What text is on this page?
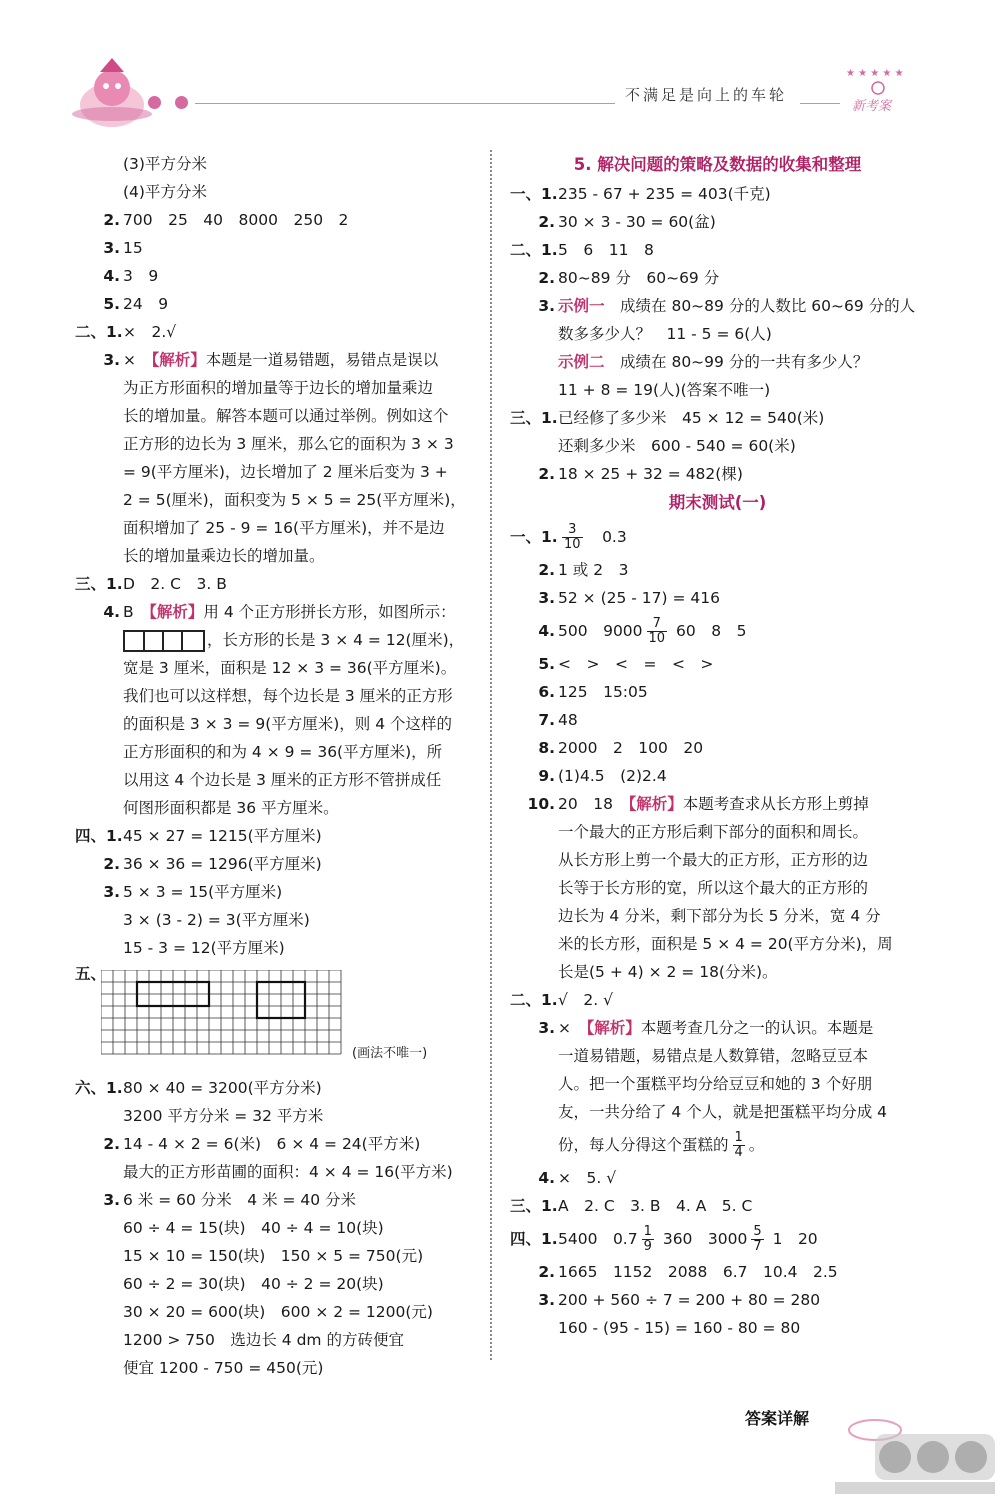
不满足是向上的车轮
★ ★ ★ ★ ★
新考案
(3)平方分米
(4)平方分米
2. 700　25　40　8000　250　2
3. 15
4. 3　9
5. 24　9
二、1.×　2.√
3. ×　【解析】本题是一道易错题，易错点是误以
为正方形面积的增加量等于边长的增加量乘边
长的增加量。解答本题可以通过举例。例如这个
正方形的边长为 3 厘米，那么它的面积为 3 × 3
= 9(平方厘米)，边长增加了 2 厘米后变为 3 +
2 = 5(厘米)，面积变为 5 × 5 = 25(平方厘米)，
面积增加了 25 - 9 = 16(平方厘米)，并不是边
长的增加量乘边长的增加量。
三、1.D　2. C　3. B
4. B　【解析】用 4 个正方形拼长方形，如图所示：
，长方形的长是 3 × 4 = 12(厘米)，
宽是 3 厘米，面积是 12 × 3 = 36(平方厘米)。
我们也可以这样想，每个边长是 3 厘米的正方形
的面积是 3 × 3 = 9(平方厘米)，则 4 个这样的
正方形面积的和为 4 × 9 = 36(平方厘米)，所
以用这 4 个边长是 3 厘米的正方形不管拼成任
何图形面积都是 36 平方厘米。
四、1.45 × 27 = 1215(平方厘米)
2. 36 × 36 = 1296(平方厘米)
3. 5 × 3 = 15(平方厘米)
3 × (3 - 2) = 3(平方厘米)
15 - 3 = 12(平方厘米)
五、
(画法不唯一)
六、1.80 × 40 = 3200(平方分米)
3200 平方分米 = 32 平方米
2. 14 - 4 × 2 = 6(米)　6 × 4 = 24(平方米)
最大的正方形苗圃的面积：4 × 4 = 16(平方米)
3. 6 米 = 60 分米　4 米 = 40 分米
60 ÷ 4 = 15(块)　40 ÷ 4 = 10(块)
15 × 10 = 150(块)　150 × 5 = 750(元)
60 ÷ 2 = 30(块)　40 ÷ 2 = 20(块)
30 × 20 = 600(块)　600 × 2 = 1200(元)
1200 > 750　选边长 4 dm 的方砖便宜
便宜 1200 - 750 = 450(元)
5. 解决问题的策略及数据的收集和整理
一、1.235 - 67 + 235 = 403(千克)
2. 30 × 3 - 30 = 60(盆)
二、1.5　6　11　8
2. 80~89 分　60~69 分
3. 示例一　 成绩在 80~89 分的人数比 60~69 分的人
数多多少人？　11 - 5 = 6(人)
示例二　 成绩在 80~99 分的一共有多少人？
11 + 8 = 19(人)(答案不唯一)
三、1.已经修了多少米　45 × 12 = 540(米)
还剩多少米　600 - 540 = 60(米)
2. 18 × 25 + 32 = 482(棵)
期末测试(一)
一、1. $\frac{3}{10}$
　 0.3
2. 1 或 2　3
3. 52 × (25 - 17) = 416
4. 500　$9000 \frac{7}{10} 60$　8　5
5. <　>　<　=　<　>
6. 125　15:05
7. 48
8. 2000　2　100　20
9. (1)4.5　(2)2.4
10. 20　18　【解析】本题考查求从长方形上剪掉
一个最大的正方形后剩下部分的面积和周长。
从长方形上剪一个最大的正方形，正方形的边
长等于长方形的宽，所以这个最大的正方形的
边长为 4 分米，剩下部分为长 5 分米，宽 4 分
米的长方形，面积是 5 × 4 = 20(平方分米)，周
长是(5 + 4) × 2 = 18(分米)。
二、1.√　2. √
3. ×　【解析】本题考查几分之一的认识。本题是
一道易错题，易错点是人数算错，忽略豆豆本
人。把一个蛋糕平均分给豆豆和她的 3 个好朋
友，一共分给了 4 个人，就是把蛋糕平均分成 4
份，每人分得这个蛋糕的 $\frac{1}{4}$ 。
4. ×　5. √
三、1.A　2. C　3. B　4. A　5. C
四、1.5400　$0.7 \frac{1}{9} 360$　$3000 \frac{5}{7} 1$　20
2. 1665　1152　2088　6.7　10.4　2.5
3. 200 + 560 ÷ 7 = 200 + 80 = 280
160 - (95 - 15) = 160 - 80 = 80
答案详解
